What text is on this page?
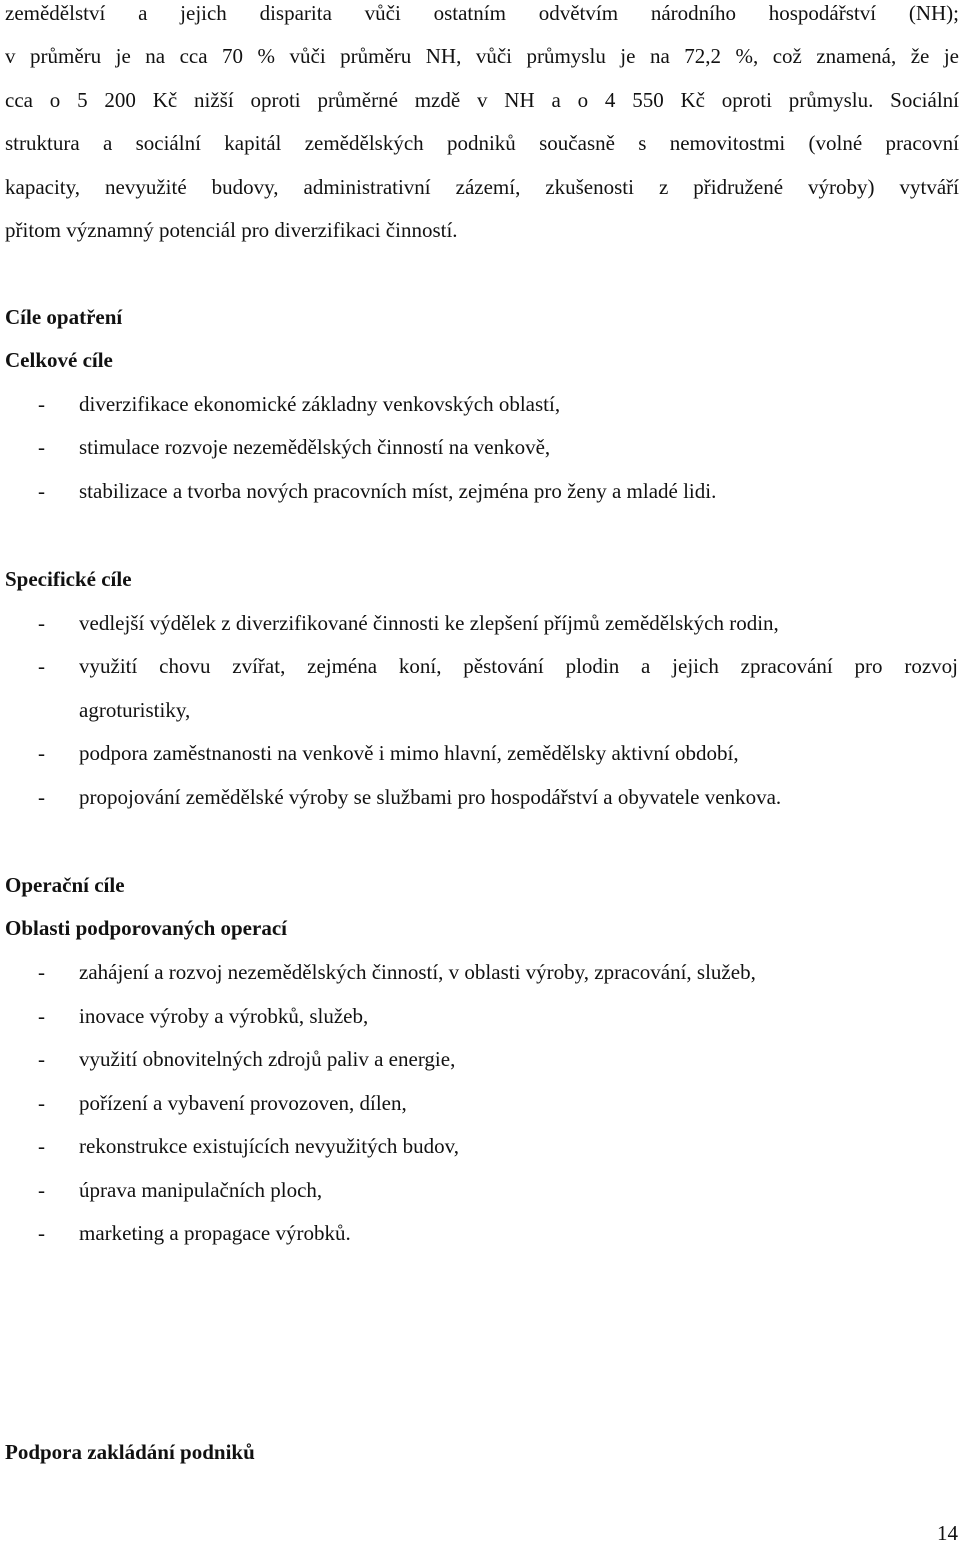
zemědělství a jejich disparita vůči ostatním odvětvím národního hospodářství (NH);
v průměru je na cca 70 % vůči průměru NH, vůči průmyslu je na 72,2 %, což znamená, že je
cca o 5 200 Kč nižší oproti průměrné mzdě v NH a o 4 550 Kč oproti průmyslu. Sociální
struktura a sociální kapitál zemědělských podniků současně s nemovitostmi (volné pracovní
kapacity, nevyužité budovy, administrativní zázemí, zkušenosti z přidružené výroby) vytváří
přitom významný potenciál pro diverzifikaci činností.
Cíle opatření
Celkové cíle
- diverzifikace ekonomické základny venkovských oblastí,
- stimulace rozvoje nezemědělských činností na venkově,
- stabilizace a tvorba nových pracovních míst, zejména pro ženy a mladé lidi.
Specifické cíle
- vedlejší výdělek z diverzifikované činnosti ke zlepšení příjmů zemědělských rodin,
- využití chovu zvířat, zejména koní, pěstování plodin a jejich zpracování pro rozvoj
agroturistiky,
- podpora zaměstnanosti na venkově i mimo hlavní, zemědělsky aktivní období,
- propojování zemědělské výroby se službami pro hospodářství a obyvatele venkova.
Operační cíle
Oblasti podporovaných operací
- zahájení a rozvoj nezemědělských činností, v oblasti výroby, zpracování, služeb,
- inovace výroby a výrobků, služeb,
- využití obnovitelných zdrojů paliv a energie,
- pořízení a vybavení provozoven, dílen,
- rekonstrukce existujících nevyužitých budov,
- úprava manipulačních ploch,
- marketing a propagace výrobků.
Podpora zakládání podniků
14
